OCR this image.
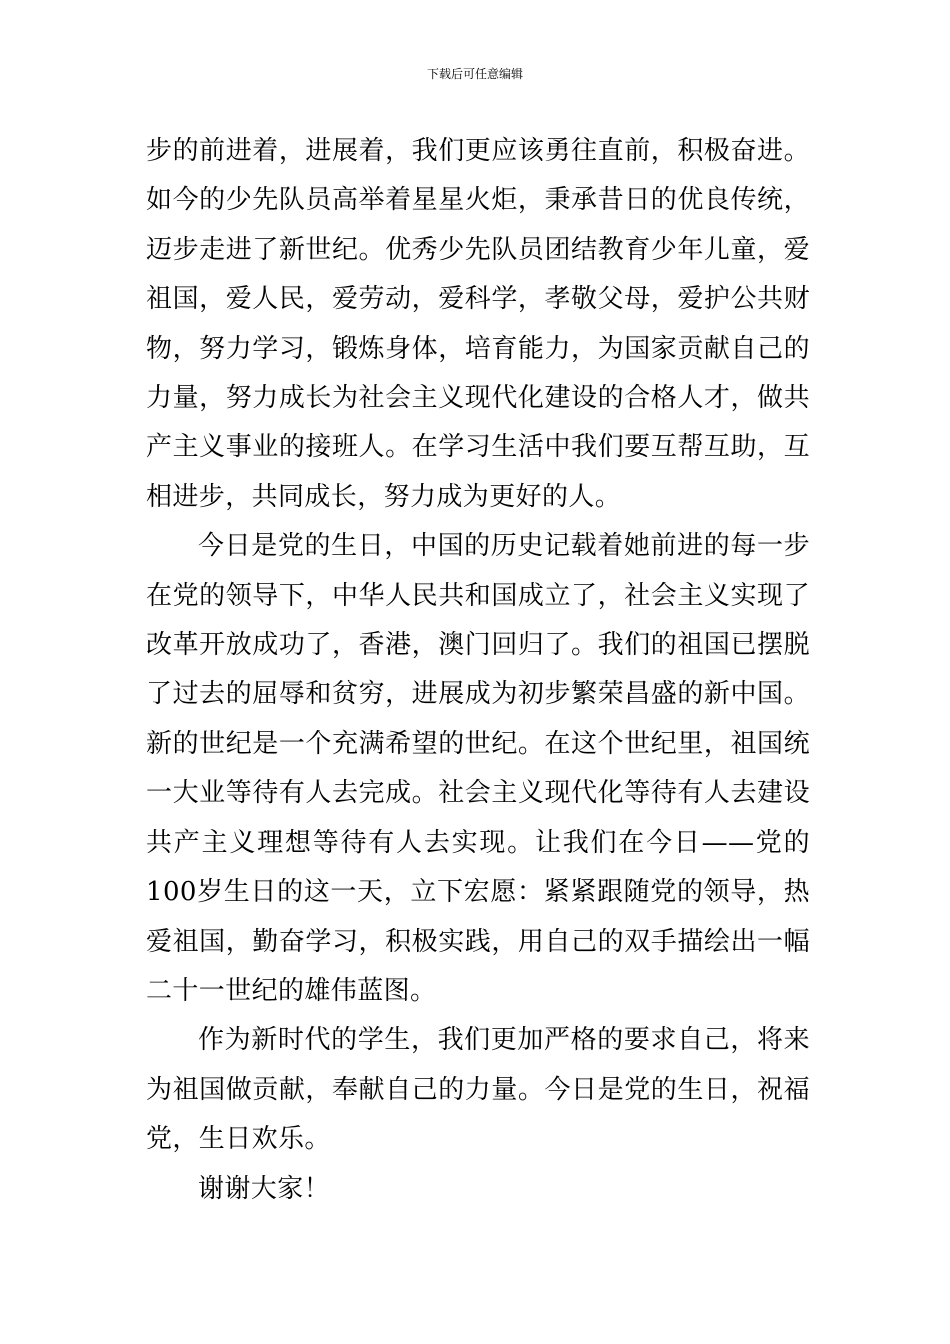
下载后可任意编辑

步的前进着，进展着，我们更应该勇往直前，积极奋进。如今的少先队员高举着星星火炬，秉承昔日的优良传统，迈步走进了新世纪。优秀少先队员团结教育少年儿童，爱祖国，爱人民，爱劳动，爱科学，孝敬父母，爱护公共财物，努力学习，锻炼身体，培育能力，为国家贡献自己的力量，努力成长为社会主义现代化建设的合格人才，做共产主义事业的接班人。在学习生活中我们要互帮互助，互相进步，共同成长，努力成为更好的人。

今日是党的生日，中国的历史记载着她前进的每一步在党的领导下，中华人民共和国成立了，社会主义实现了改革开放成功了，香港，澳门回归了。我们的祖国已摆脱了过去的屈辱和贫穷，进展成为初步繁荣昌盛的新中国。新的世纪是一个充满希望的世纪。在这个世纪里，祖国统一大业等待有人去完成。社会主义现代化等待有人去建设共产主义理想等待有人去实现。让我们在今日——党的100岁生日的这一天，立下宏愿：紧紧跟随党的领导，热爱祖国，勤奋学习，积极实践，用自己的双手描绘出一幅二十一世纪的雄伟蓝图。

作为新时代的学生，我们更加严格的要求自己，将来为祖国做贡献，奉献自己的力量。今日是党的生日，祝福党，生日欢乐。

谢谢大家！
